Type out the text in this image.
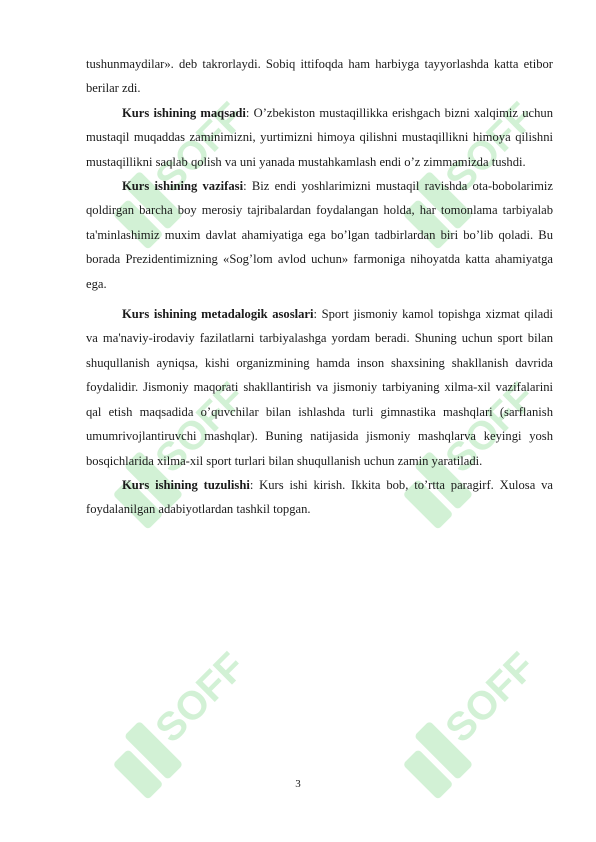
SOFF	SOFF
SOFF	SOFF
SOFF	SOFF

tushunmaydilar». deb takrorlaydi. Sobiq ittifoqda ham harbiyga tayyorlashda katta etibor berilar zdi.

Kurs ishining maqsadi: O’zbekiston mustaqillikka erishgach bizni xalqimiz uchun mustaqil muqaddas zaminimizni, yurtimizni himoya qilishni mustaqillikni himoya qilishni mustaqillikni saqlab qolish va uni yanada mustahkamlash endi o’z zimmamizda tushdi.

Kurs ishining vazifasi: Biz endi yoshlarimizni mustaqil ravishda ota-bobolarimiz qoldirgan barcha boy merosiy tajribalardan foydalangan holda, har tomonlama tarbiyalab ta'minlashimiz muxim davlat ahamiyatiga ega bo’lgan tadbirlardan biri bo’lib qoladi. Bu borada Prezidentimizning «Sog’lom avlod uchun» farmoniga nihoyatda katta ahamiyatga ega.

Kurs ishining metadalogik asoslari: Sport jismoniy kamol topishga xizmat qiladi va ma'naviy-irodaviy fazilatlarni tarbiyalashga yordam beradi. Shuning uchun sport bilan shuqullanish ayniqsa, kishi organizmining hamda inson shaxsining shakllanish davrida foydalidir. Jismoniy maqorati shakllantirish va jismoniy tarbiyaning xilma-xil vazifalarini qal etish maqsadida o’quvchilar bilan ishlashda turli gimnastika mashqlari (sarflanish umumrivojlantiruvchi mashqlar). Buning natijasida jismoniy mashqlarva keyingi yosh bosqichlarida xilma-xil sport turlari bilan shuqullanish uchun zamin yaratiladi.

Kurs ishining tuzulishi: Kurs ishi kirish. Ikkita bob, to’rtta paragirf. Xulosa va foydalanilgan adabiyotlardan tashkil topgan.

3
